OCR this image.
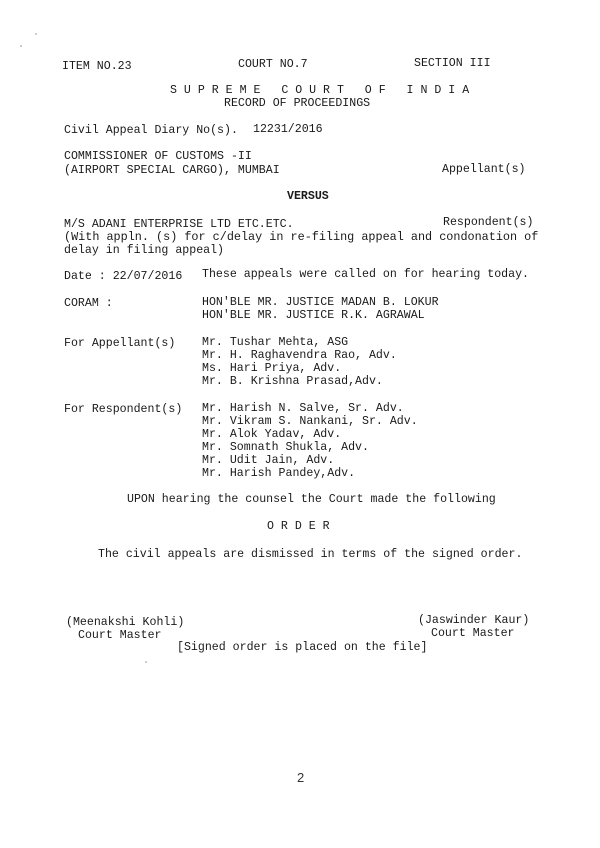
ITEM NO.23	COURT NO.7	SECTION III
S U P R E M E   C O U R T   O F   I N D I A
RECORD OF PROCEEDINGS
Civil Appeal Diary No(s). 12231/2016
COMMISSIONER OF CUSTOMS -II
(AIRPORT SPECIAL CARGO), MUMBAI	Appellant(s)
VERSUS
M/S ADANI ENTERPRISE LTD ETC.ETC.	Respondent(s)
(With appln. (s) for c/delay in re-filing appeal and condonation of
delay in filing appeal)
Date : 22/07/2016 These appeals were called on for hearing today.
CORAM :	HON'BLE MR. JUSTICE MADAN B. LOKUR
HON'BLE MR. JUSTICE R.K. AGRAWAL
For Appellant(s) Mr. Tushar Mehta, ASG
Mr. H. Raghavendra Rao, Adv.
Ms. Hari Priya, Adv.
Mr. B. Krishna Prasad,Adv.
For Respondent(s) Mr. Harish N. Salve, Sr. Adv.
Mr. Vikram S. Nankani, Sr. Adv.
Mr. Alok Yadav, Adv.
Mr. Somnath Shukla, Adv.
Mr. Udit Jain, Adv.
Mr. Harish Pandey,Adv.
UPON hearing the counsel the Court made the following
O R D E R
The civil appeals are dismissed in terms of the signed order.
(Meenakshi Kohli)
Court Master
(Jaswinder Kaur)
Court Master
[Signed order is placed on the file]
2
